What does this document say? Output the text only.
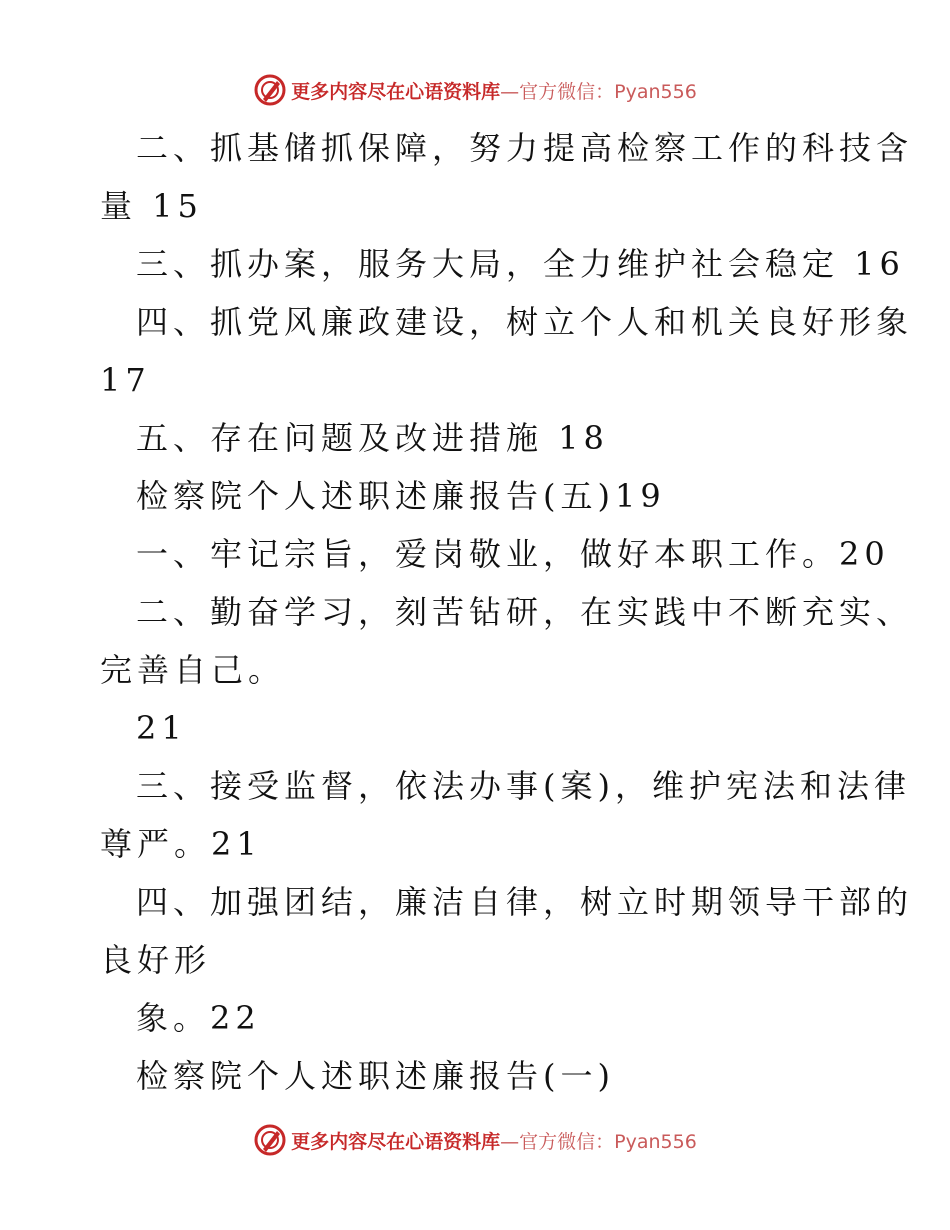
更多内容尽在心语资料库—官方微信：Pyan556
二、抓基储抓保障，努力提高检察工作的科技含
量 15
三、抓办案，服务大局，全力维护社会稳定 16
四、抓党风廉政建设，树立个人和机关良好形象
17
五、存在问题及改进措施 18
检察院个人述职述廉报告(五)19
一、牢记宗旨，爱岗敬业，做好本职工作。20
二、勤奋学习，刻苦钻研，在实践中不断充实、
完善自己。
21
三、接受监督，依法办事(案)，维护宪法和法律
尊严。21
四、加强团结，廉洁自律，树立时期领导干部的
良好形
象。22
检察院个人述职述廉报告(一)
更多内容尽在心语资料库—官方微信：Pyan556
